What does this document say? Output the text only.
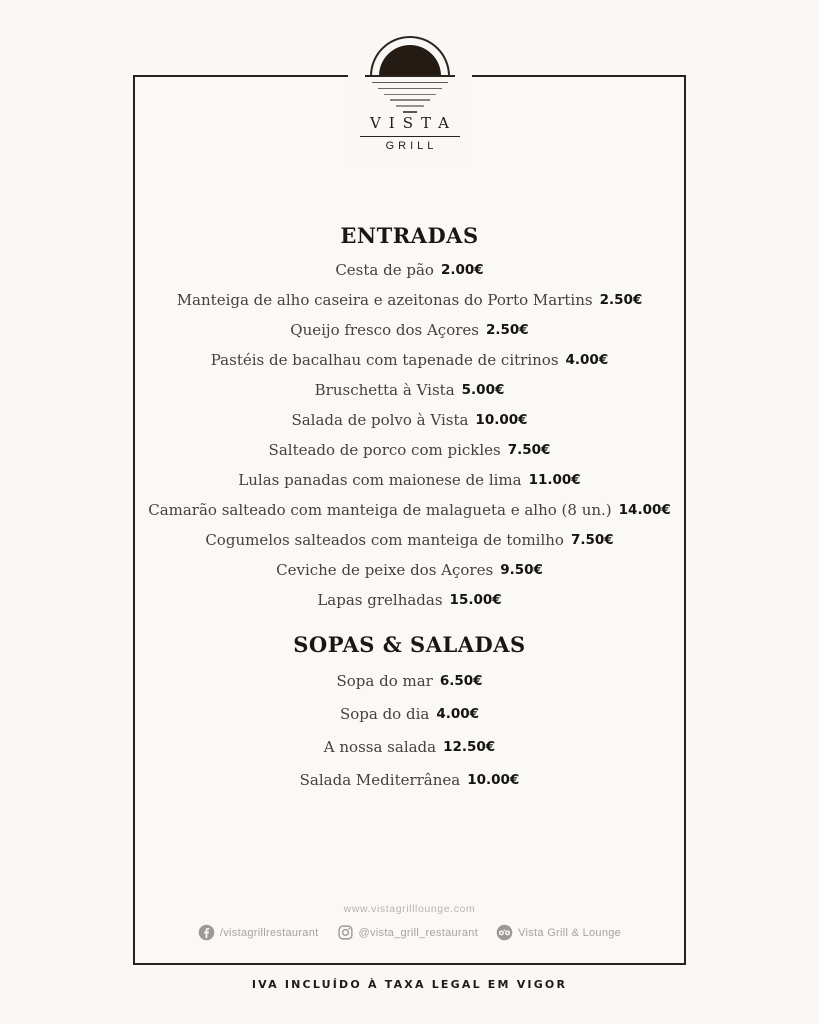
VISTA
GRILL
ENTRADAS
Cesta de pão 2.00€
Manteiga de alho caseira e azeitonas do Porto Martins 2.50€
Queijo fresco dos Açores 2.50€
Pastéis de bacalhau com tapenade de citrinos 4.00€
Bruschetta à Vista 5.00€
Salada de polvo à Vista 10.00€
Salteado de porco com pickles 7.50€
Lulas panadas com maionese de lima 11.00€
Camarão salteado com manteiga de malagueta e alho (8 un.) 14.00€
Cogumelos salteados com manteiga de tomilho 7.50€
Ceviche de peixe dos Açores 9.50€
Lapas grelhadas 15.00€
SOPAS & SALADAS
Sopa do mar 6.50€
Sopa do dia 4.00€
A nossa salada 12.50€
Salada Mediterrânea 10.00€
www.vistagrilllounge.com
/vistagrillrestaurant	@vista_grill_restaurant	Vista Grill & Lounge
IVA INCLUÍDO À TAXA LEGAL EM VIGOR
